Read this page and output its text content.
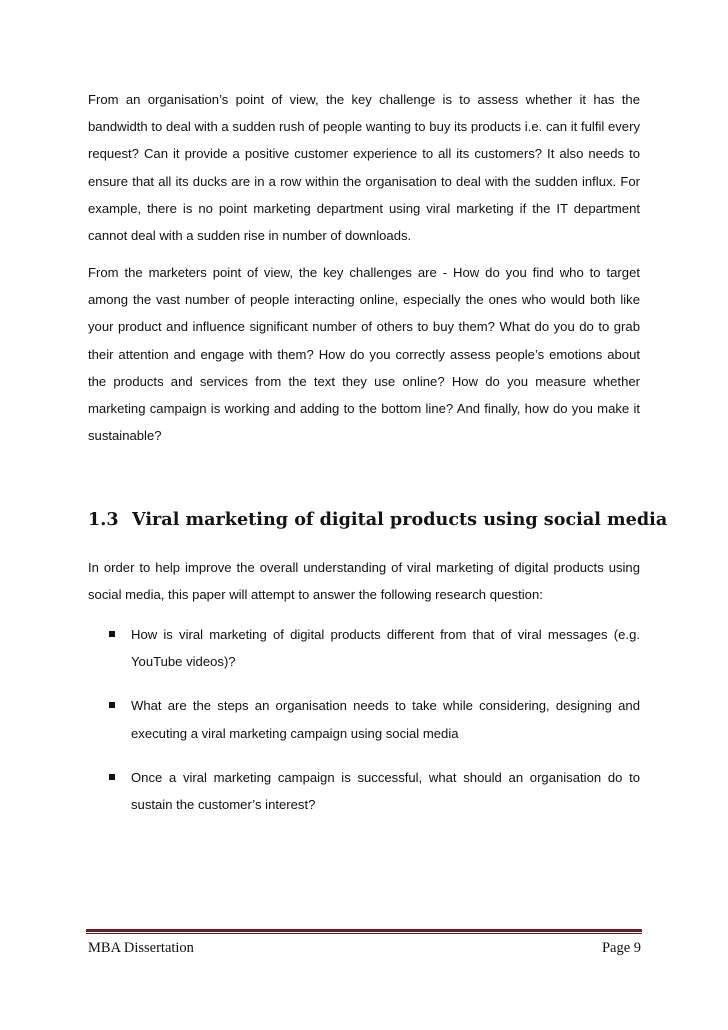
From an organisation’s point of view, the key challenge is to assess whether it has the bandwidth to deal with a sudden rush of people wanting to buy its products i.e. can it fulfil every request? Can it provide a positive customer experience to all its customers? It also needs to ensure that all its ducks are in a row within the organisation to deal with the sudden influx. For example, there is no point marketing department using viral marketing if the IT department cannot deal with a sudden rise in number of downloads.

From the marketers point of view, the key challenges are - How do you find who to target among the vast number of people interacting online, especially the ones who would both like your product and influence significant number of others to buy them? What do you do to grab their attention and engage with them? How do you correctly assess people’s emotions about the products and services from the text they use online? How do you measure whether marketing campaign is working and adding to the bottom line? And finally, how do you make it sustainable?

1.3 Viral marketing of digital products using social media

In order to help improve the overall understanding of viral marketing of digital products using social media, this paper will attempt to answer the following research question:

How is viral marketing of digital products different from that of viral messages (e.g. YouTube videos)?
What are the steps an organisation needs to take while considering, designing and executing a viral marketing campaign using social media
Once a viral marketing campaign is successful, what should an organisation do to sustain the customer’s interest?
MBA Dissertation	Page 9
